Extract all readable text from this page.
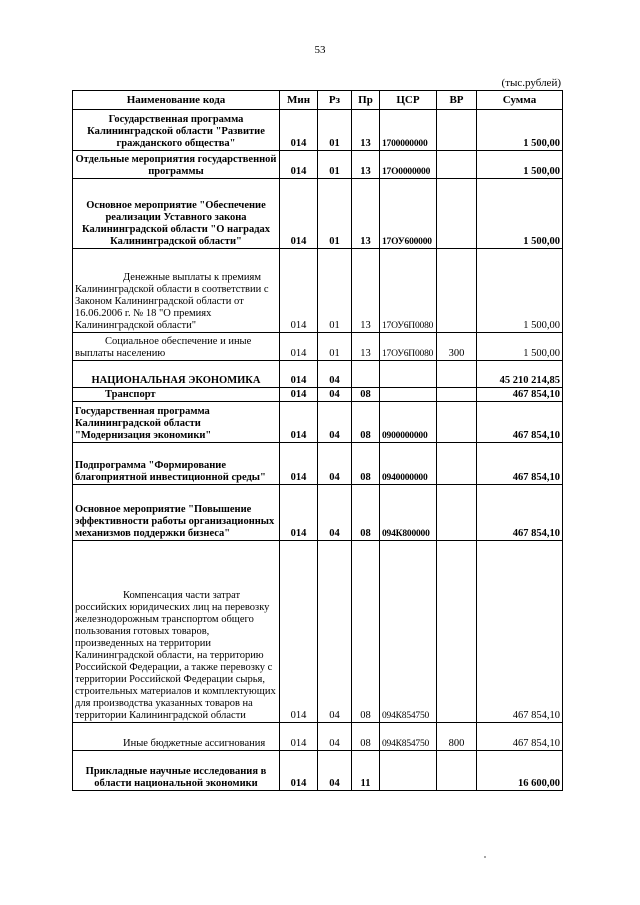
53
(тыс.рублей)
Наименование кода	Мин	Рз	Пр	ЦСР	ВР	Сумма
Государственная программа Калининградской области "Развитие гражданского общества"	014	01	13	1700000000		1 500,00
Отдельные мероприятия государственной программы	014	01	13	17О0000000		1 500,00
Основное мероприятие "Обеспечение реализации Уставного закона Калининградской области "О наградах Калининградской области"	014	01	13	17ОУ600000		1 500,00
Денежные выплаты к премиям Калининградской области в соответствии с Законом Калининградской области от 16.06.2006 г. № 18 "О премиях Калининградской области"	014	01	13	17ОУ6П0080		1 500,00
Социальное обеспечение и иные выплаты населению	014	01	13	17ОУ6П0080	300	1 500,00
НАЦИОНАЛЬНАЯ ЭКОНОМИКА	014	04				45 210 214,85
Транспорт	014	04	08			467 854,10
Государственная программа Калининградской области "Модернизация экономики"	014	04	08	0900000000		467 854,10
Подпрограмма "Формирование благоприятной инвестиционной среды"	014	04	08	0940000000		467 854,10
Основное мероприятие "Повышение эффективности работы организационных механизмов поддержки бизнеса"	014	04	08	094К800000		467 854,10
Компенсация части затрат российских юридических лиц на перевозку железнодорожным транспортом общего пользования готовых товаров, произведенных на территории Калининградской области, на территорию Российской Федерации, а также перевозку с территории Российской Федерации сырья, строительных материалов и комплектующих для производства указанных товаров на территории Калининградской области	014	04	08	094К854750		467 854,10
Иные бюджетные ассигнования	014	04	08	094К854750	800	467 854,10
Прикладные научные исследования в области национальной экономики	014	04	11			16 600,00
